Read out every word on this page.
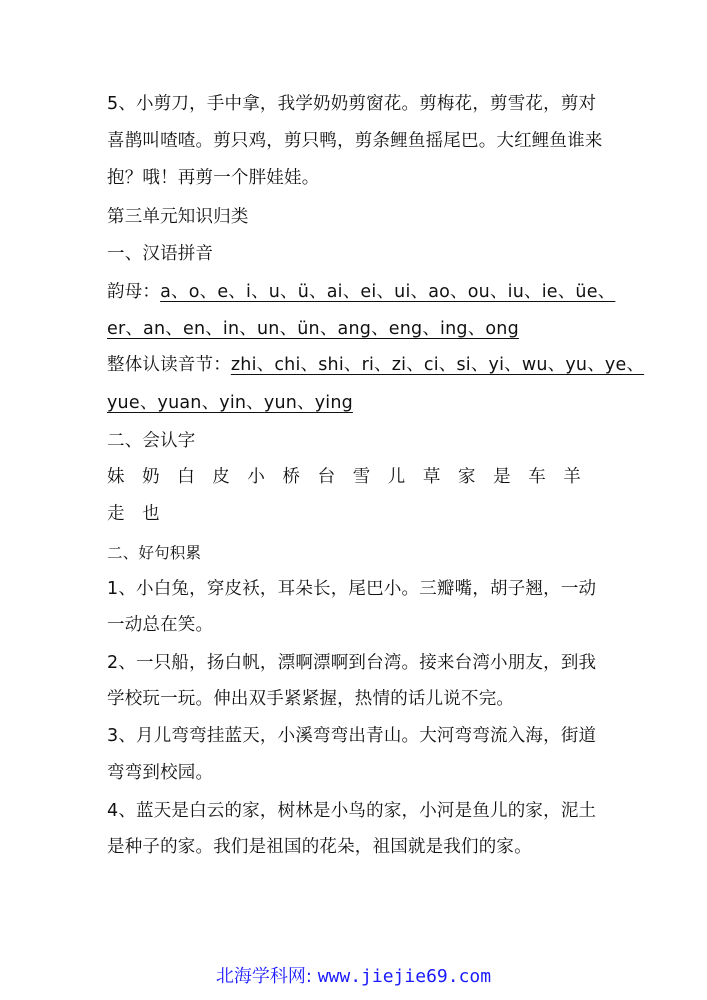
5、小剪刀，手中拿，我学奶奶剪窗花。剪梅花，剪雪花，剪对
喜鹊叫喳喳。剪只鸡，剪只鸭，剪条鲤鱼摇尾巴。大红鲤鱼谁来
抱？哦！再剪一个胖娃娃。
第三单元知识归类
一、汉语拼音
韵母：a、o、e、i、u、ü、ai、ei、ui、ao、ou、iu、ie、üe、
er、an、en、in、un、ün、ang、eng、ing、ong
整体认读音节：zhi、chi、shi、ri、zi、ci、si、yi、wu、yu、ye、
yue、yuan、yin、yun、ying
二、会认字
妹奶白皮小桥台雪儿草家是车羊
走也
二、好句积累
1、小白兔，穿皮袄，耳朵长，尾巴小。三瓣嘴，胡子翘，一动
一动总在笑。
2、一只船，扬白帆，漂啊漂啊到台湾。接来台湾小朋友，到我
学校玩一玩。伸出双手紧紧握，热情的话儿说不完。
3、月儿弯弯挂蓝天，小溪弯弯出青山。大河弯弯流入海，街道
弯弯到校园。
4、蓝天是白云的家，树林是小鸟的家，小河是鱼儿的家，泥土
是种子的家。我们是祖国的花朵，祖国就是我们的家。
北海学科网: www.jiejie69.com
